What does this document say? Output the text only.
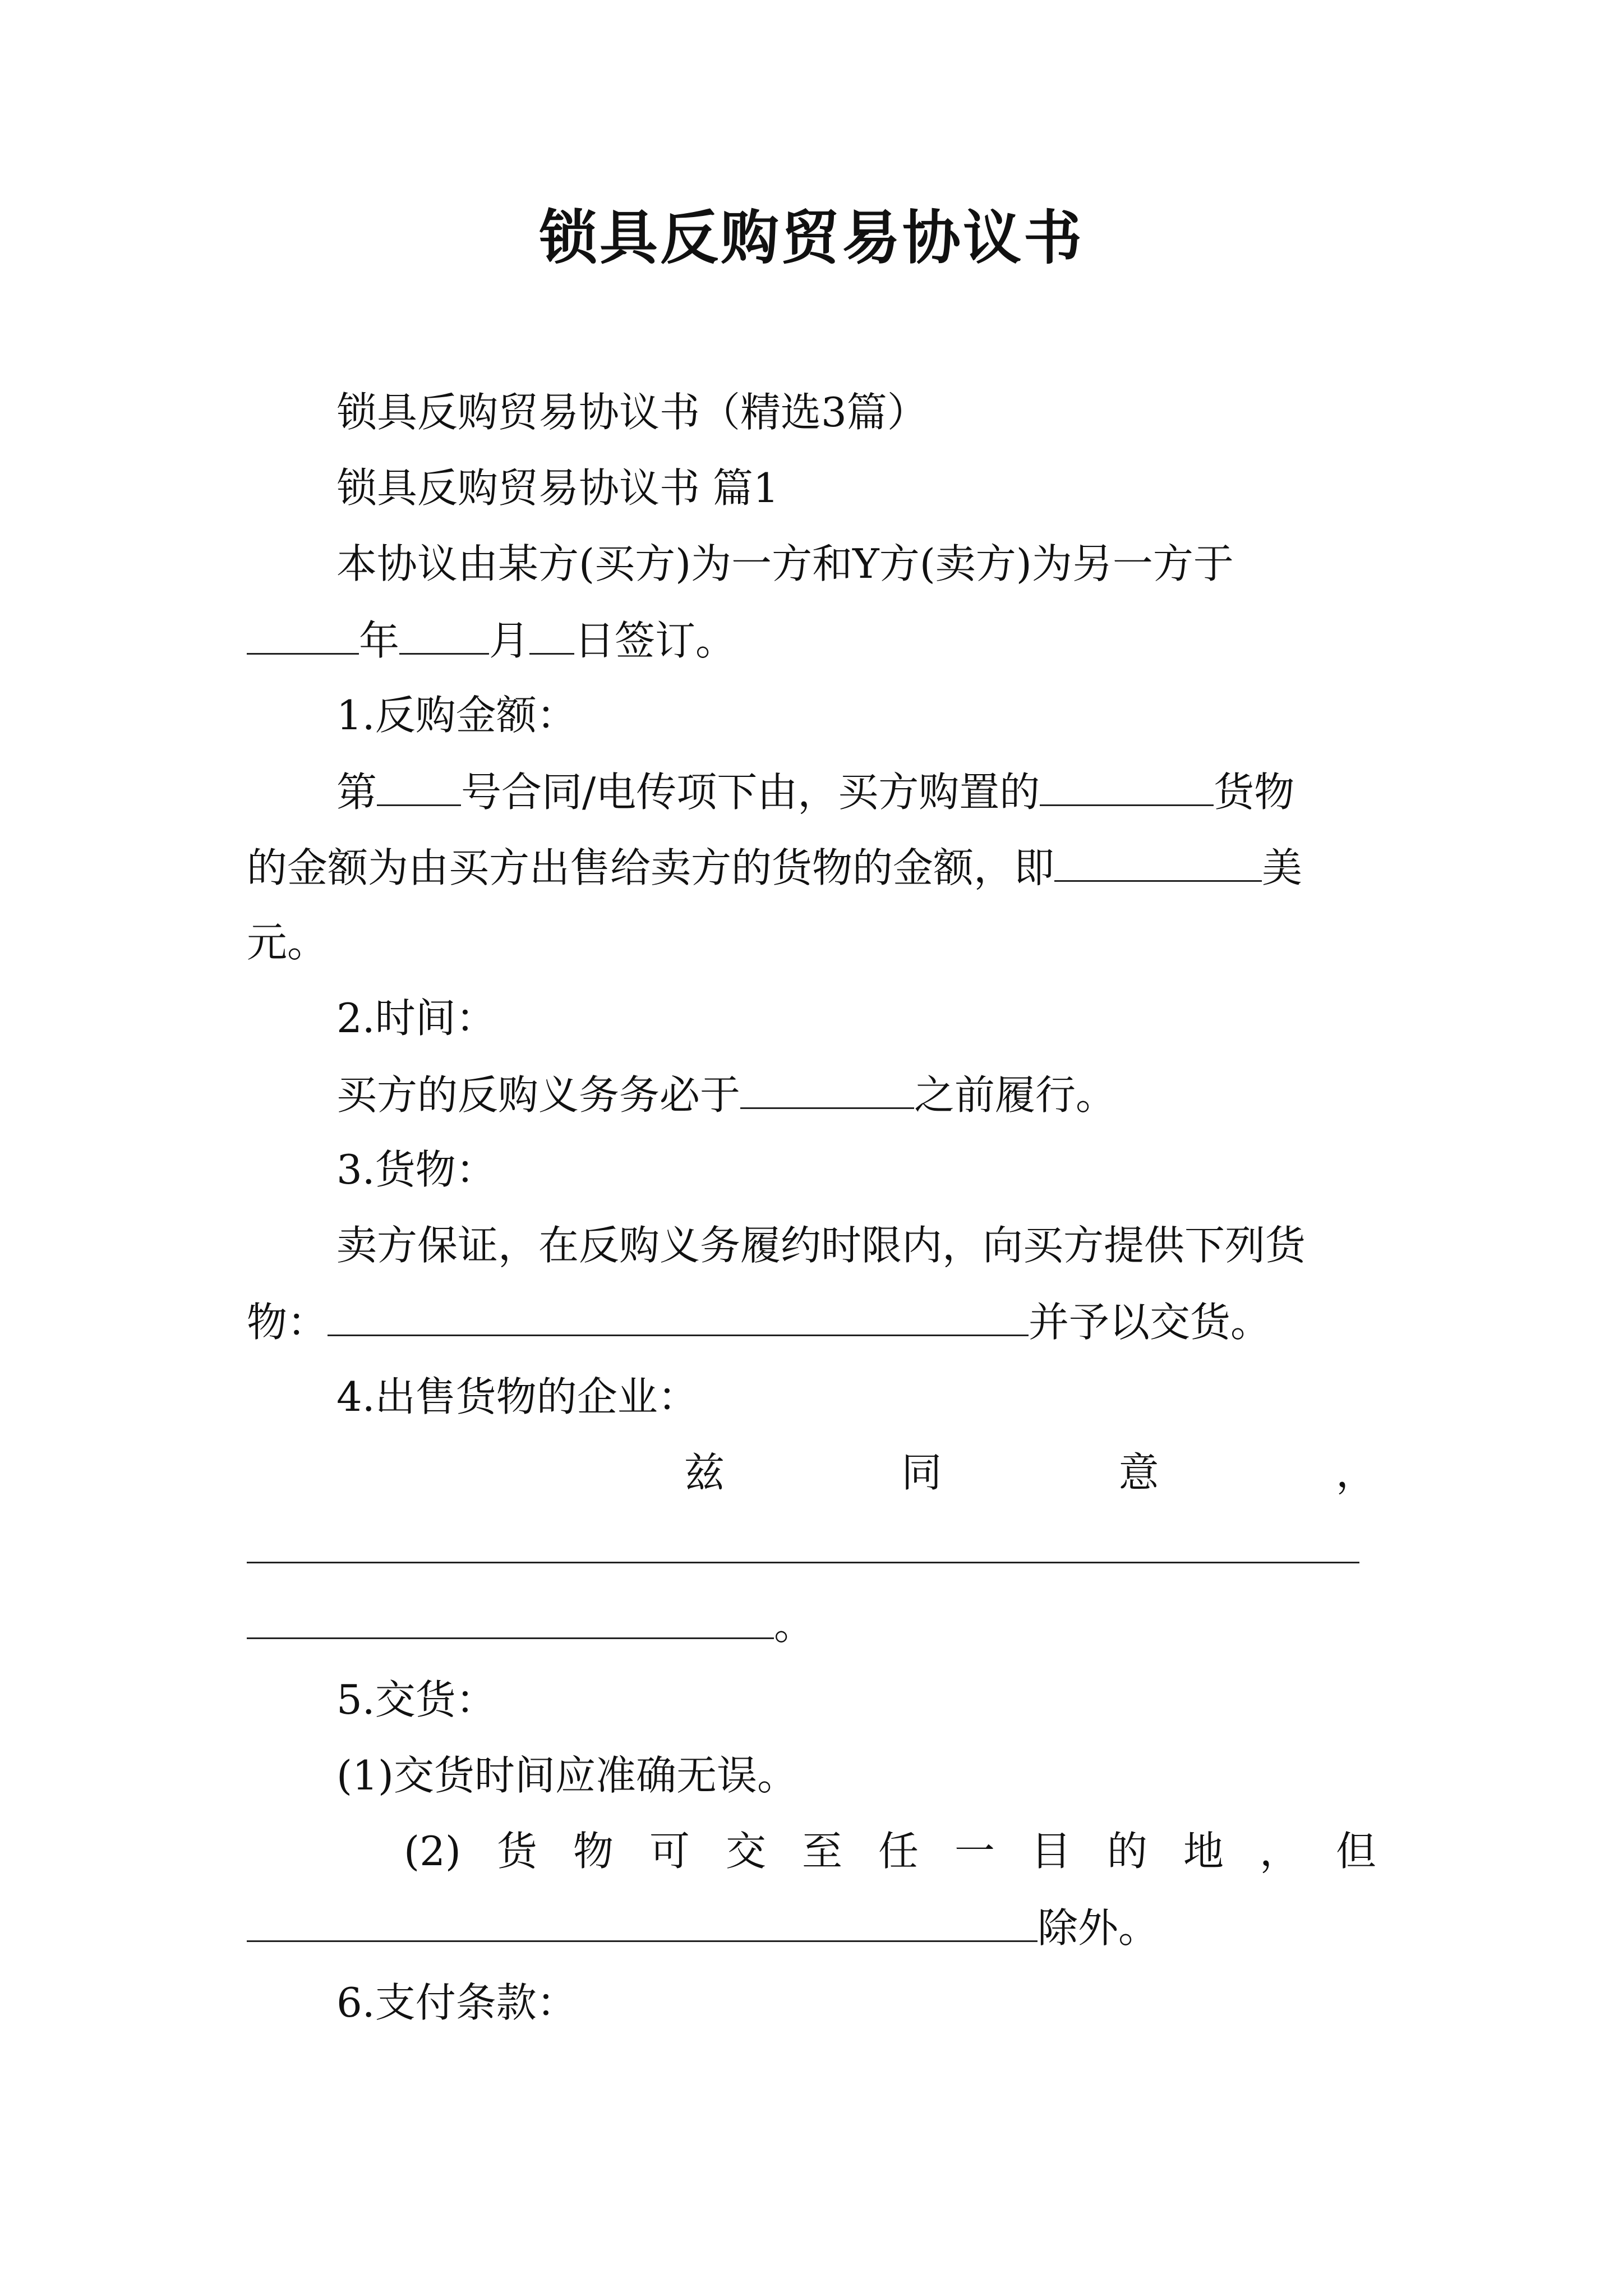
锁具反购贸易协议书
锁具反购贸易协议书（精选3篇）
锁具反购贸易协议书 篇1
本协议由某方(买方)为一方和Y方(卖方)为另一方于
年 月 日签订。
1.反购金额：
第 号合同/电传项下由，买方购置的	货物
的金额为由买方出售给卖方的货物的金额，即	美
元。
2.时间：
买方的反购义务务必于	之前履行。
3.货物：
卖方保证，在反购义务履约时限内，向买方提供下列货
物：	并予以交货。
4.出售货物的企业：
兹	同	意	，
。
5.交货：
(1)交货时间应准确无误。
(2) 货 物 可 交 至 任 一 目 的 地 ， 但
除外。
6.支付条款：
